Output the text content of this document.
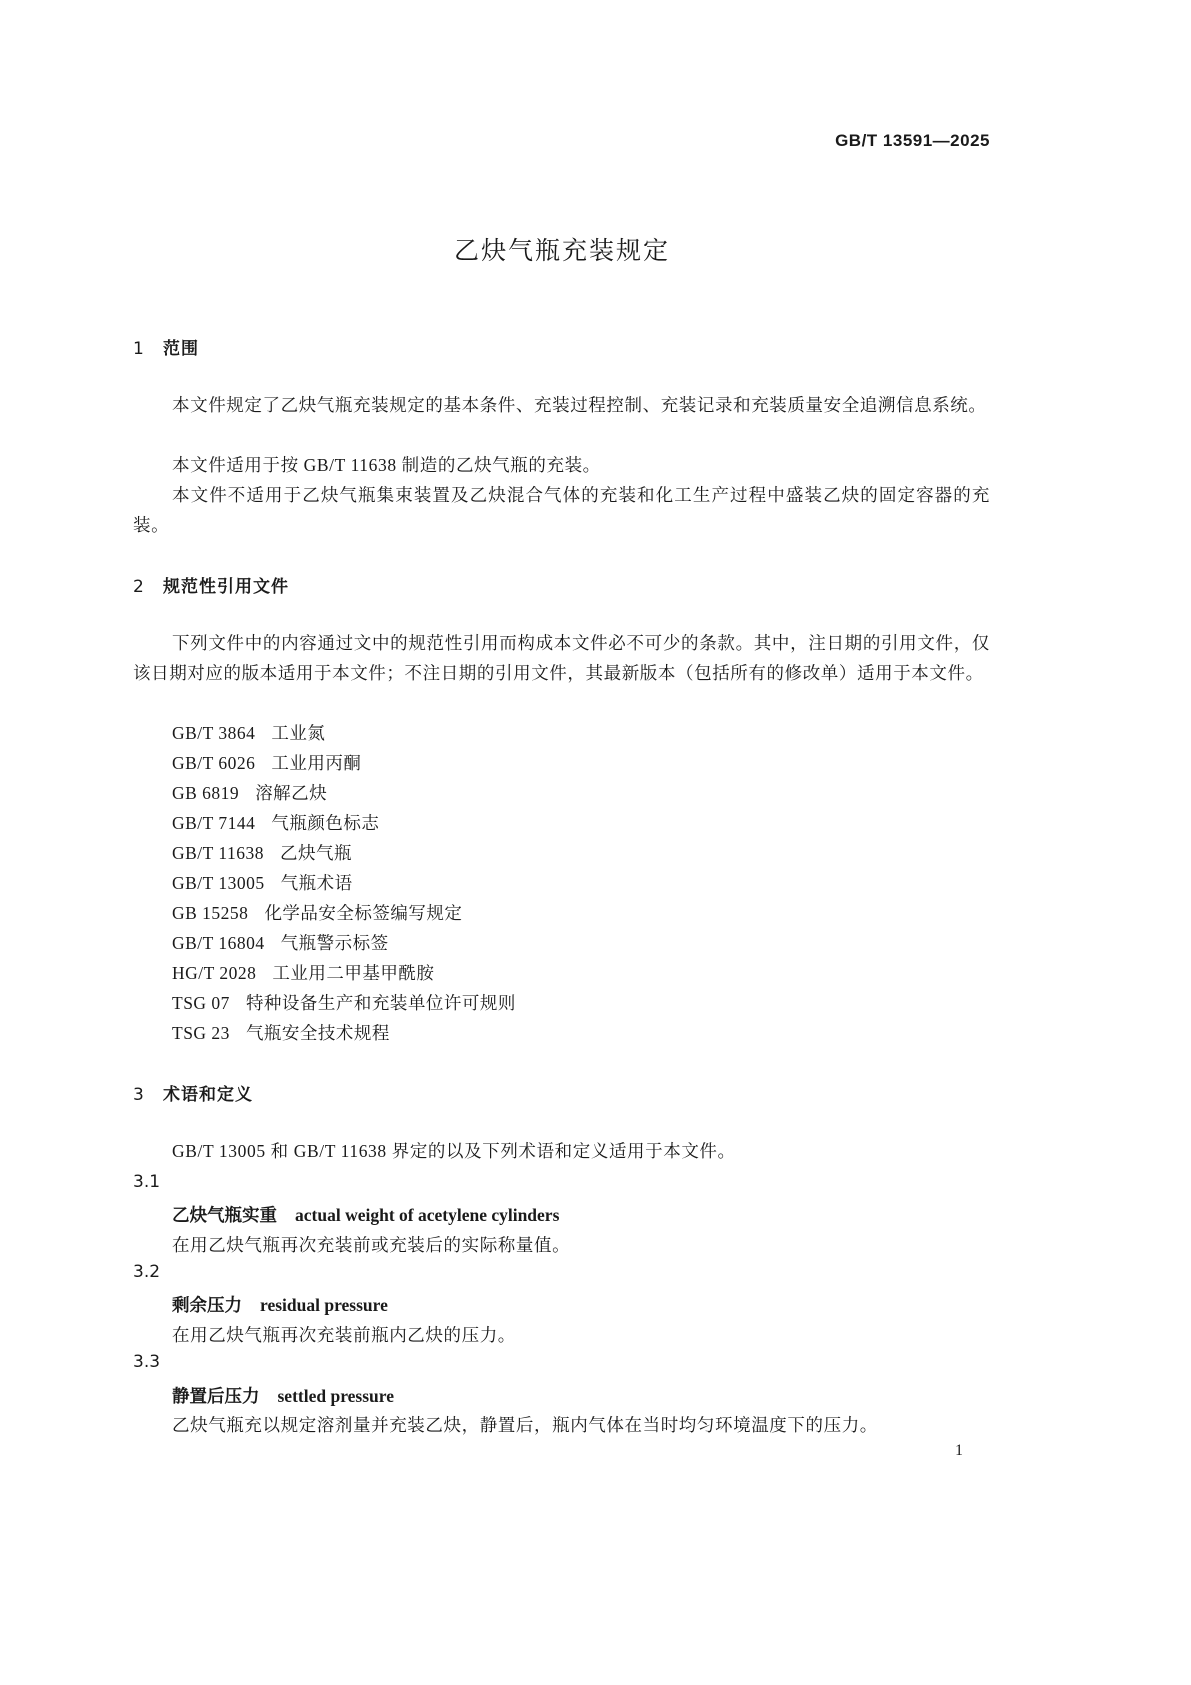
GB/T 13591—2025
乙炔气瓶充装规定
1 范围
本文件规定了乙炔气瓶充装规定的基本条件、充装过程控制、充装记录和充装质量安全追溯信息系统。
本文件适用于按 GB/T 11638 制造的乙炔气瓶的充装。
本文件不适用于乙炔气瓶集束装置及乙炔混合气体的充装和化工生产过程中盛装乙炔的固定容器的充装。
2 规范性引用文件
下列文件中的内容通过文中的规范性引用而构成本文件必不可少的条款。其中，注日期的引用文件，仅该日期对应的版本适用于本文件；不注日期的引用文件，其最新版本（包括所有的修改单）适用于本文件。
GB/T 3864 工业氮
GB/T 6026 工业用丙酮
GB 6819 溶解乙炔
GB/T 7144 气瓶颜色标志
GB/T 11638 乙炔气瓶
GB/T 13005 气瓶术语
GB 15258 化学品安全标签编写规定
GB/T 16804 气瓶警示标签
HG/T 2028 工业用二甲基甲酰胺
TSG 07 特种设备生产和充装单位许可规则
TSG 23 气瓶安全技术规程
3 术语和定义
GB/T 13005 和 GB/T 11638 界定的以及下列术语和定义适用于本文件。
3.1
乙炔气瓶实重 actual weight of acetylene cylinders
在用乙炔气瓶再次充装前或充装后的实际称量值。
3.2
剩余压力 residual pressure
在用乙炔气瓶再次充装前瓶内乙炔的压力。
3.3
静置后压力 settled pressure
乙炔气瓶充以规定溶剂量并充装乙炔，静置后，瓶内气体在当时均匀环境温度下的压力。
1
